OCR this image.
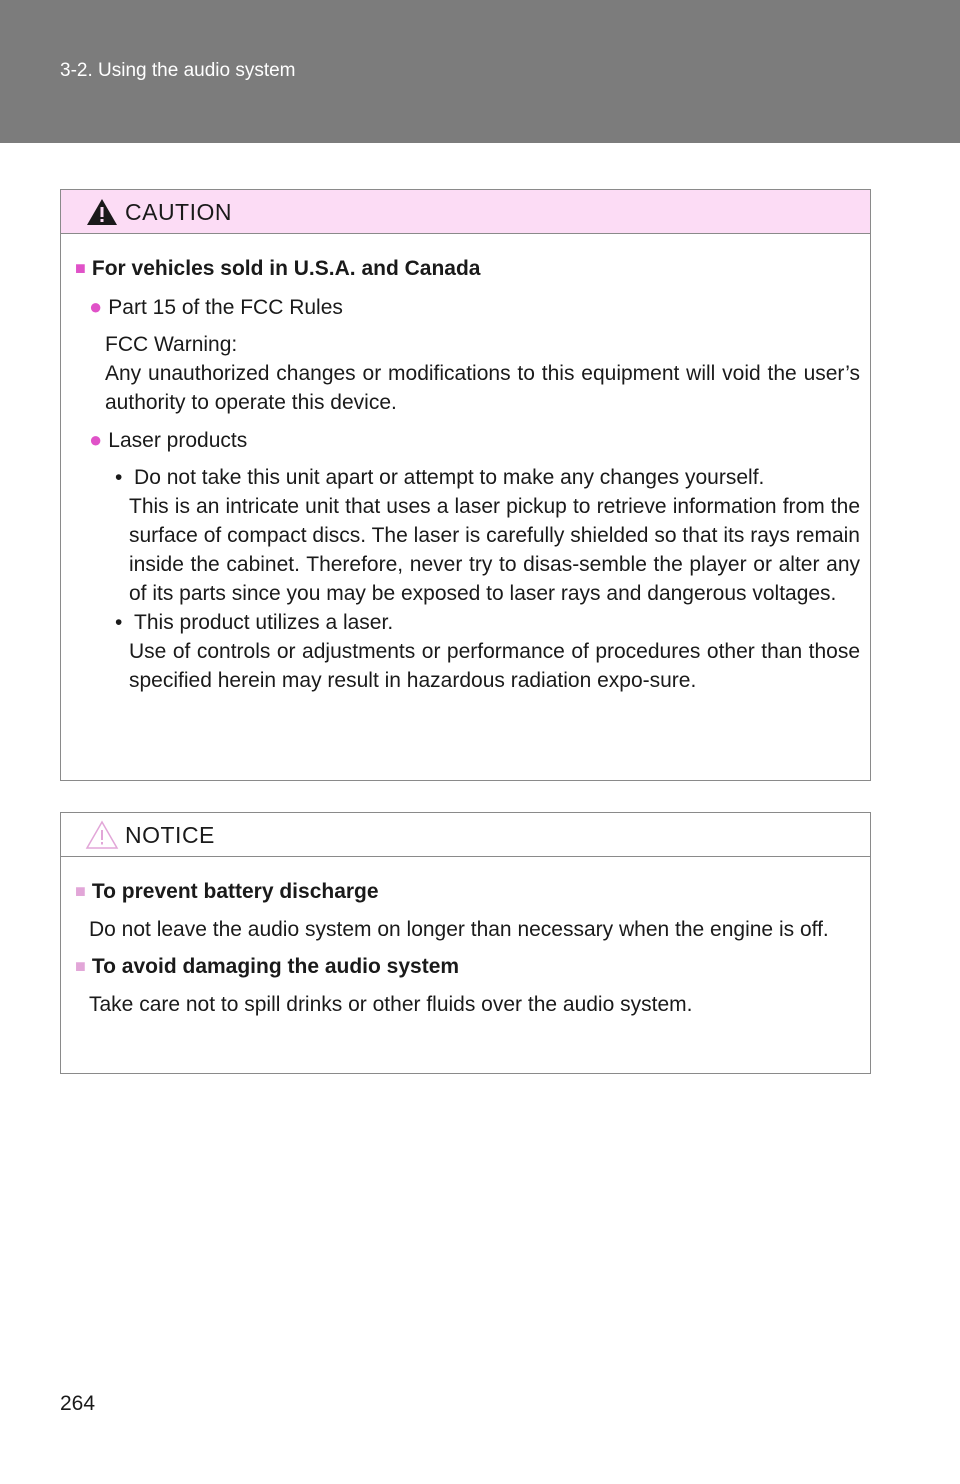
3-2. Using the audio system
CAUTION
■ For vehicles sold in U.S.A. and Canada
● Part 15 of the FCC Rules
FCC Warning:
Any unauthorized changes or modifications to this equipment will void the user’s authority to operate this device.
● Laser products
•  Do not take this unit apart or attempt to make any changes yourself.
This is an intricate unit that uses a laser pickup to retrieve information from the surface of compact discs. The laser is carefully shielded so that its rays remain inside the cabinet. Therefore, never try to disas-semble the player or alter any of its parts since you may be exposed to laser rays and dangerous voltages.
•  This product utilizes a laser.
Use of controls or adjustments or performance of procedures other than those specified herein may result in hazardous radiation expo-sure.
NOTICE
■ To prevent battery discharge
Do not leave the audio system on longer than necessary when the engine is off.
■ To avoid damaging the audio system
Take care not to spill drinks or other fluids over the audio system.
264
